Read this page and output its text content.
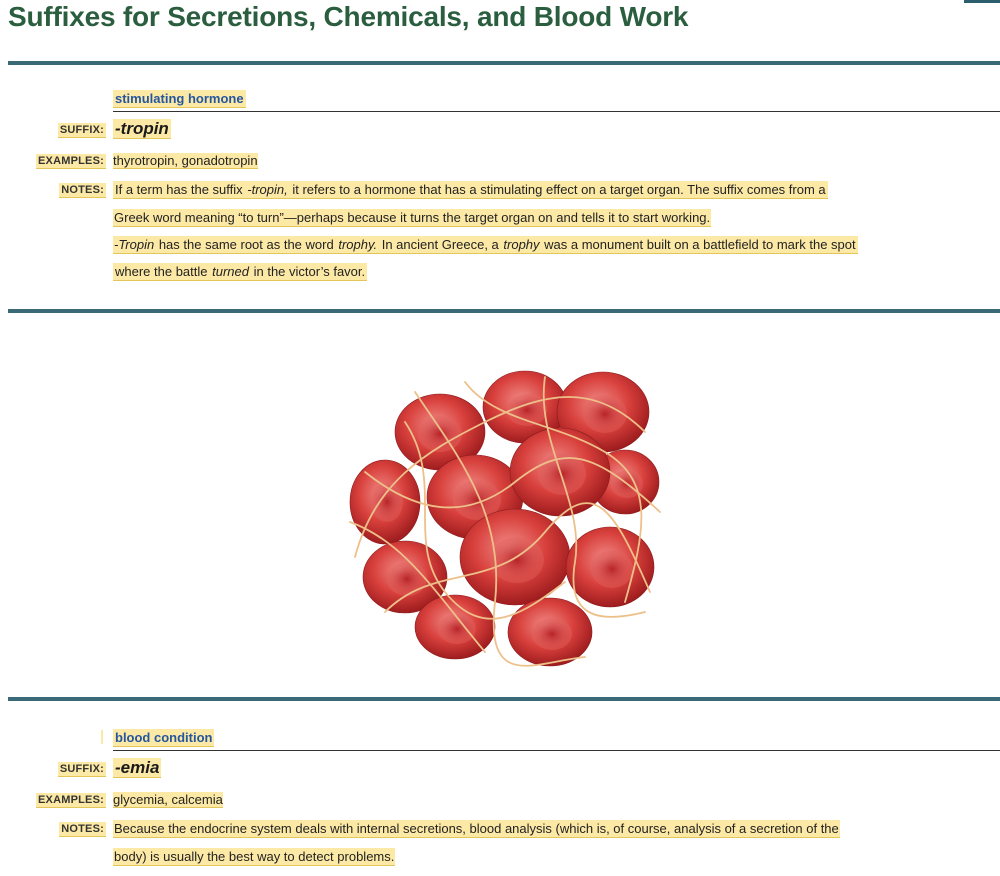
Suffixes for Secretions, Chemicals, and Blood Work
stimulating hormone
SUFFIX: -tropin
EXAMPLES: thyrotropin, gonadotropin
NOTES: If a term has the suffix -tropin, it refers to a hormone that has a stimulating effect on a target organ. The suffix comes from a
Greek word meaning “to turn”—perhaps because it turns the target organ on and tells it to start working.
-Tropin has the same root as the word trophy. In ancient Greece, a trophy was a monument built on a battlefield to mark the spot
where the battle turned in the victor’s favor.
blood condition
SUFFIX: -emia
EXAMPLES: glycemia, calcemia
NOTES: Because the endocrine system deals with internal secretions, blood analysis (which is, of course, analysis of a secretion of the
body) is usually the best way to detect problems.
